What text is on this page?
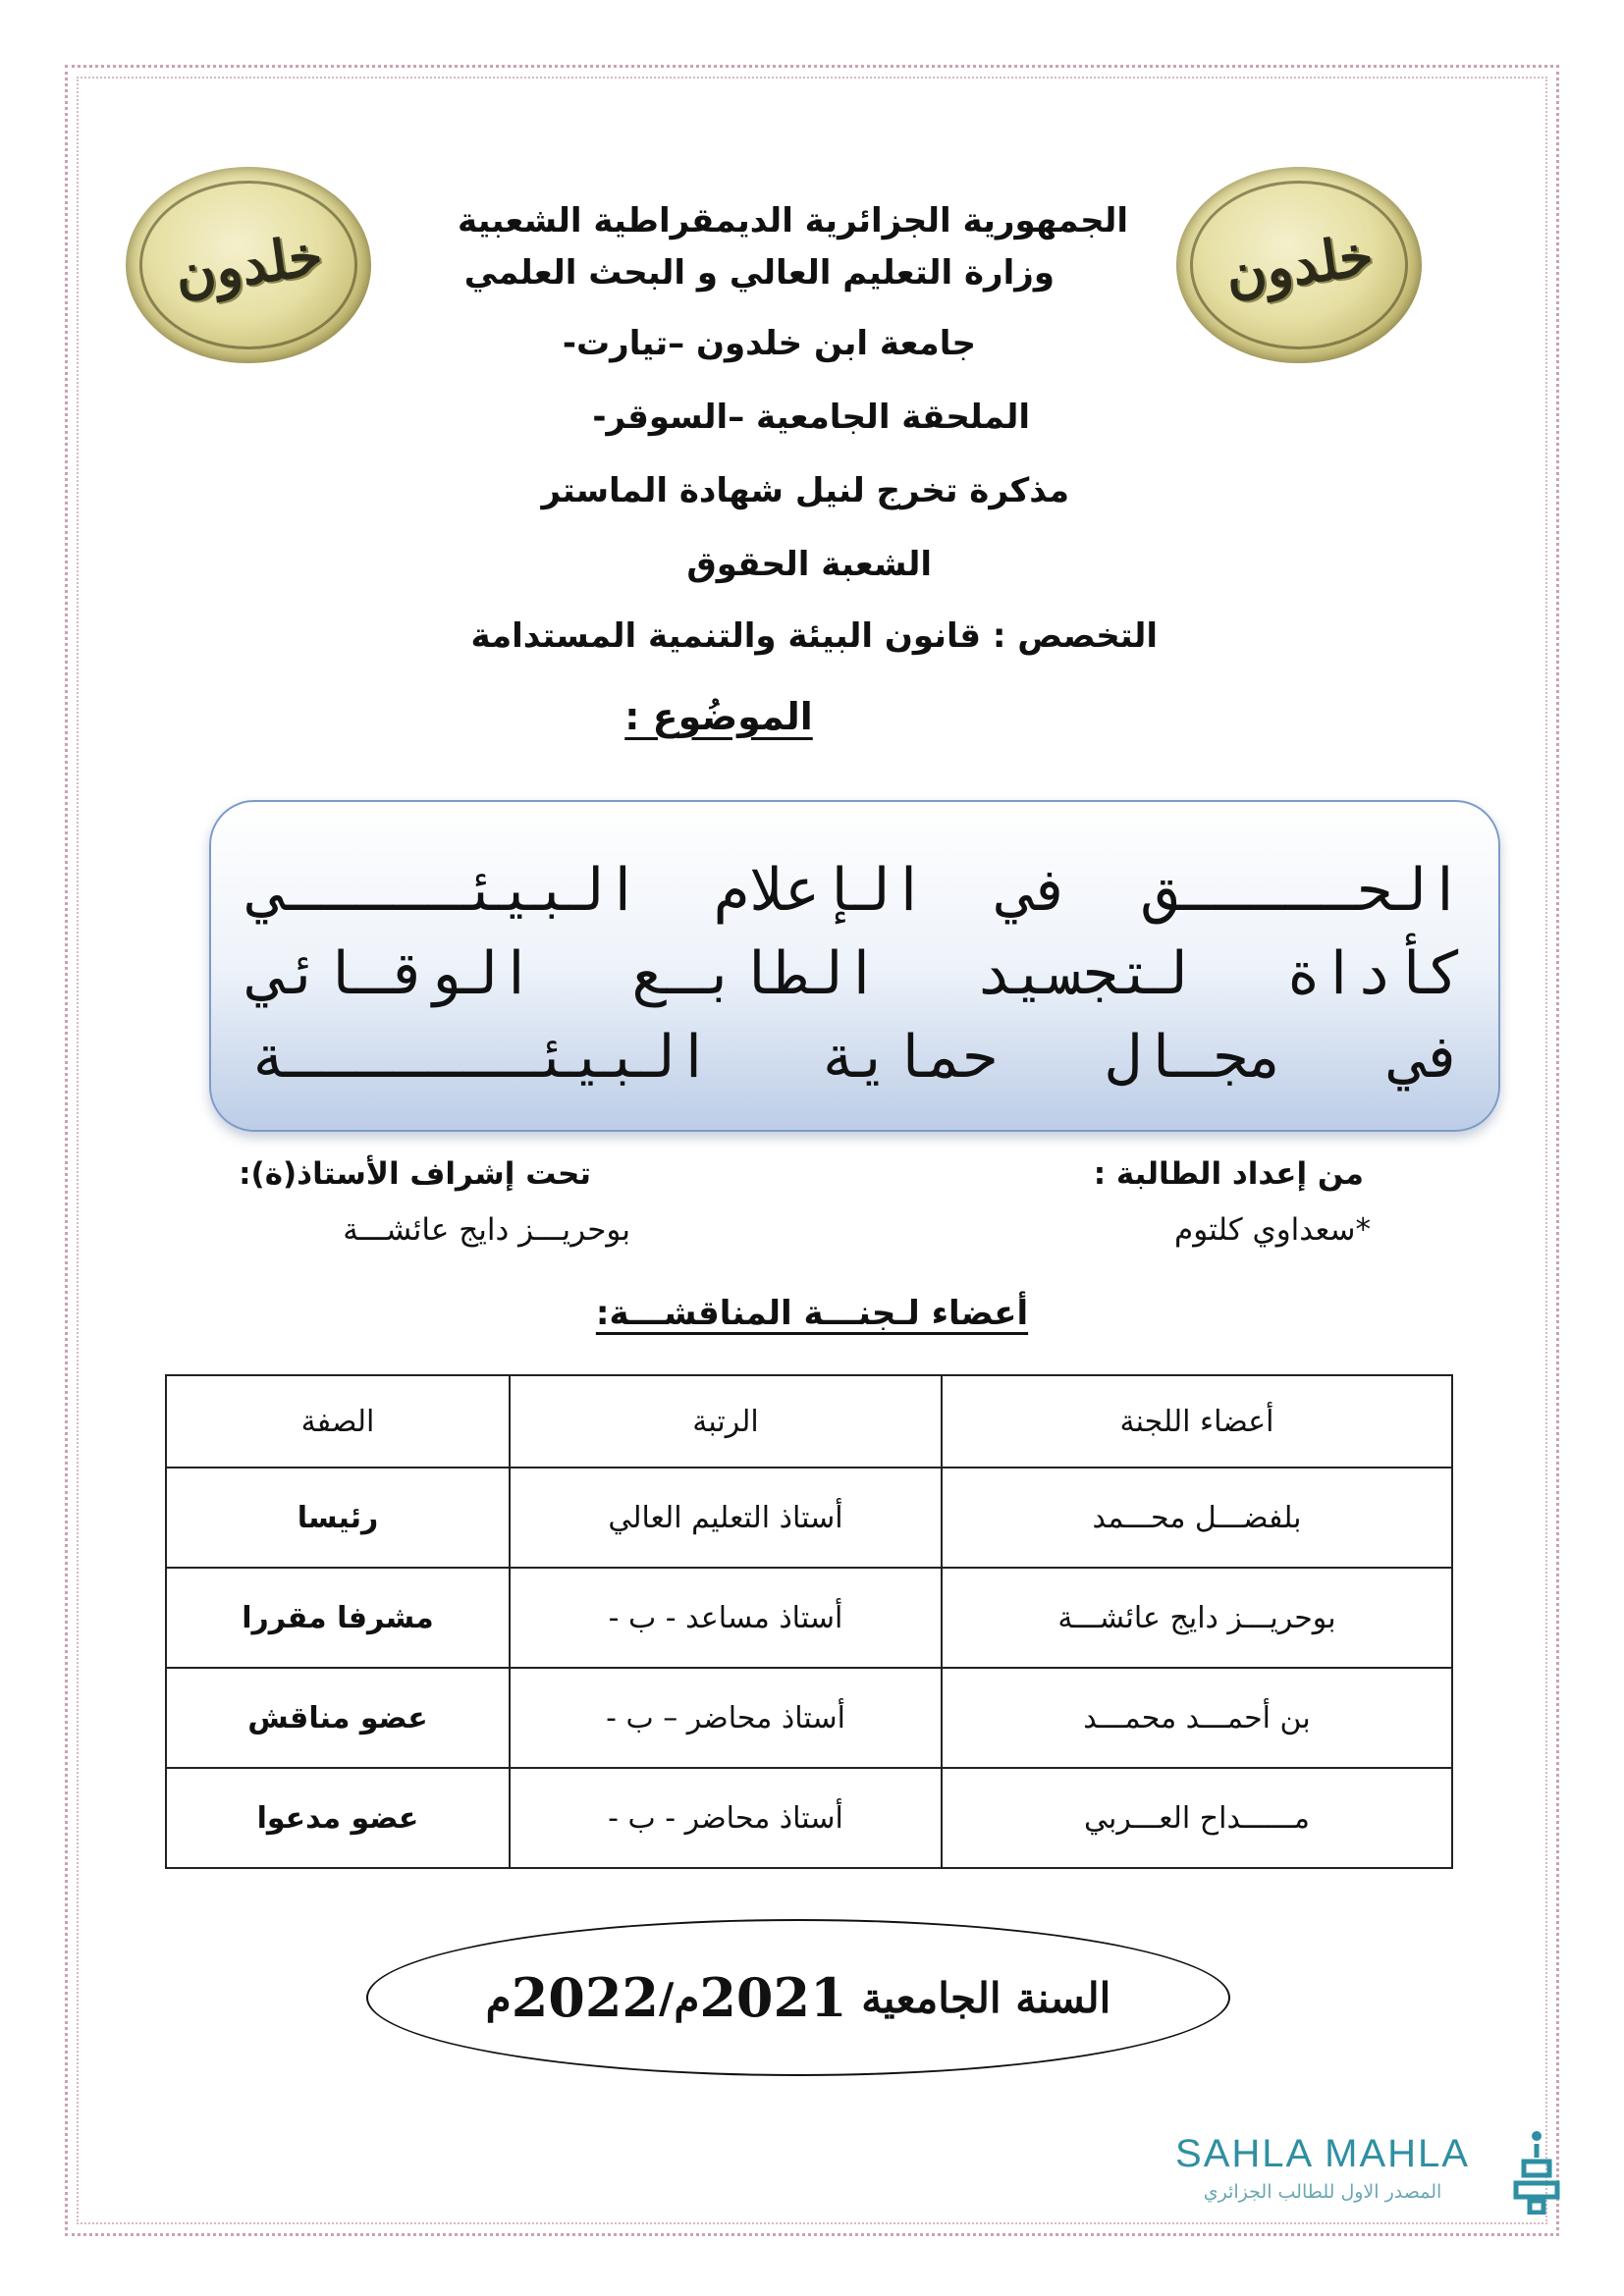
خلدون	خلدون
الجمهورية الجزائرية الديمقراطية الشعبية
وزارة التعليم العالي و البحث العلمي
جامعة ابن خلدون –تيارت-
الملحقة الجامعية –السوقر-
مذكرة تخرج لنيل شهادة الماستر
الشعبة الحقوق
التخصص : قانون البيئة والتنمية المستدامة
الموضُوع :
الحـــــق في الإعلام البيئـــــي
كأداة لتجسيد الطابـع الوقـائي
في مجـال حماية البيئـــــــة
من إعداد الطالبة :
*سعداوي كلتوم
تحت إشراف الأستاذ(ة):
بوحريـــز دايج عائشـــة
أعضاء لـجنـــة المناقشـــة:
أعضاء اللجنة	الرتبة	الصفة
بلفضـــل محـــمد	أستاذ التعليم العالي	رئيسا
بوحريـــز دايج عائشـــة	أستاذ مساعد - ب -	مشرفا مقررا
بن أحمـــد محمـــد	أستاذ محاضر – ب -	عضو مناقش
مــــــداح العـــربي	أستاذ محاضر - ب -	عضو مدعوا
السنة الجامعية

2021
م/
2022
م
SAHLA MAHLA
المصدر الاول للطالب الجزائري
